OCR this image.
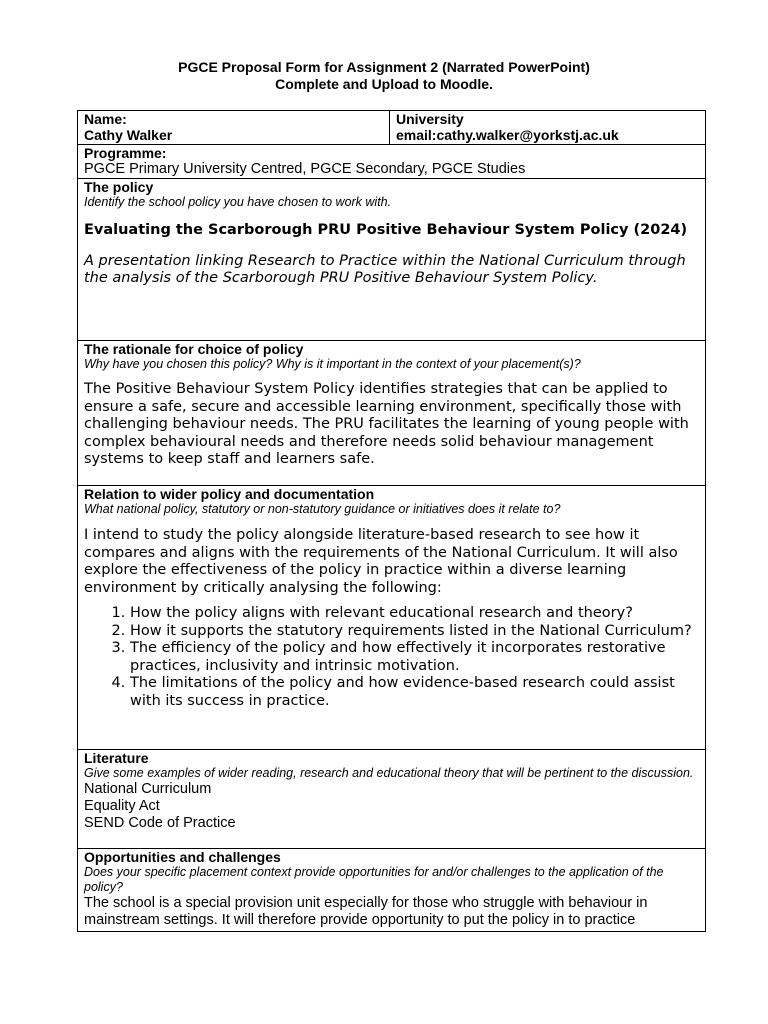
PGCE Proposal Form for Assignment 2 (Narrated PowerPoint)
Complete and Upload to Moodle.
Name:
Cathy Walker

University
email:cathy.walker@yorkstj.ac.uk

Programme:
PGCE Primary University Centred, PGCE Secondary, PGCE Studies

The policy
Identify the school policy you have chosen to work with.
Evaluating the Scarborough PRU Positive Behaviour System Policy (2024)
A presentation linking Research to Practice within the National Curriculum through the analysis of the Scarborough PRU Positive Behaviour System Policy.

The rationale for choice of policy
Why have you chosen this policy? Why is it important in the context of your placement(s)?
The Positive Behaviour System Policy identifies strategies that can be applied to ensure a safe, secure and accessible learning environment, specifically those with challenging behaviour needs. The PRU facilitates the learning of young people with complex behavioural needs and therefore needs solid behaviour management systems to keep staff and learners safe.

Relation to wider policy and documentation
What national policy, statutory or non-statutory guidance or initiatives does it relate to?
I intend to study the policy alongside literature-based research to see how it compares and aligns with the requirements of the National Curriculum. It will also explore the effectiveness of the policy in practice within a diverse learning environment by critically analysing the following:
1. How the policy aligns with relevant educational research and theory?
2. How it supports the statutory requirements listed in the National Curriculum?
3. The efficiency of the policy and how effectively it incorporates restorative practices, inclusivity and intrinsic motivation.
4. The limitations of the policy and how evidence-based research could assist with its success in practice.

Literature
Give some examples of wider reading, research and educational theory that will be pertinent to the discussion.
National Curriculum
Equality Act
SEND Code of Practice

Opportunities and challenges
Does your specific placement context provide opportunities for and/or challenges to the application of the policy?
The school is a special provision unit especially for those who struggle with behaviour in mainstream settings. It will therefore provide opportunity to put the policy in to practice
